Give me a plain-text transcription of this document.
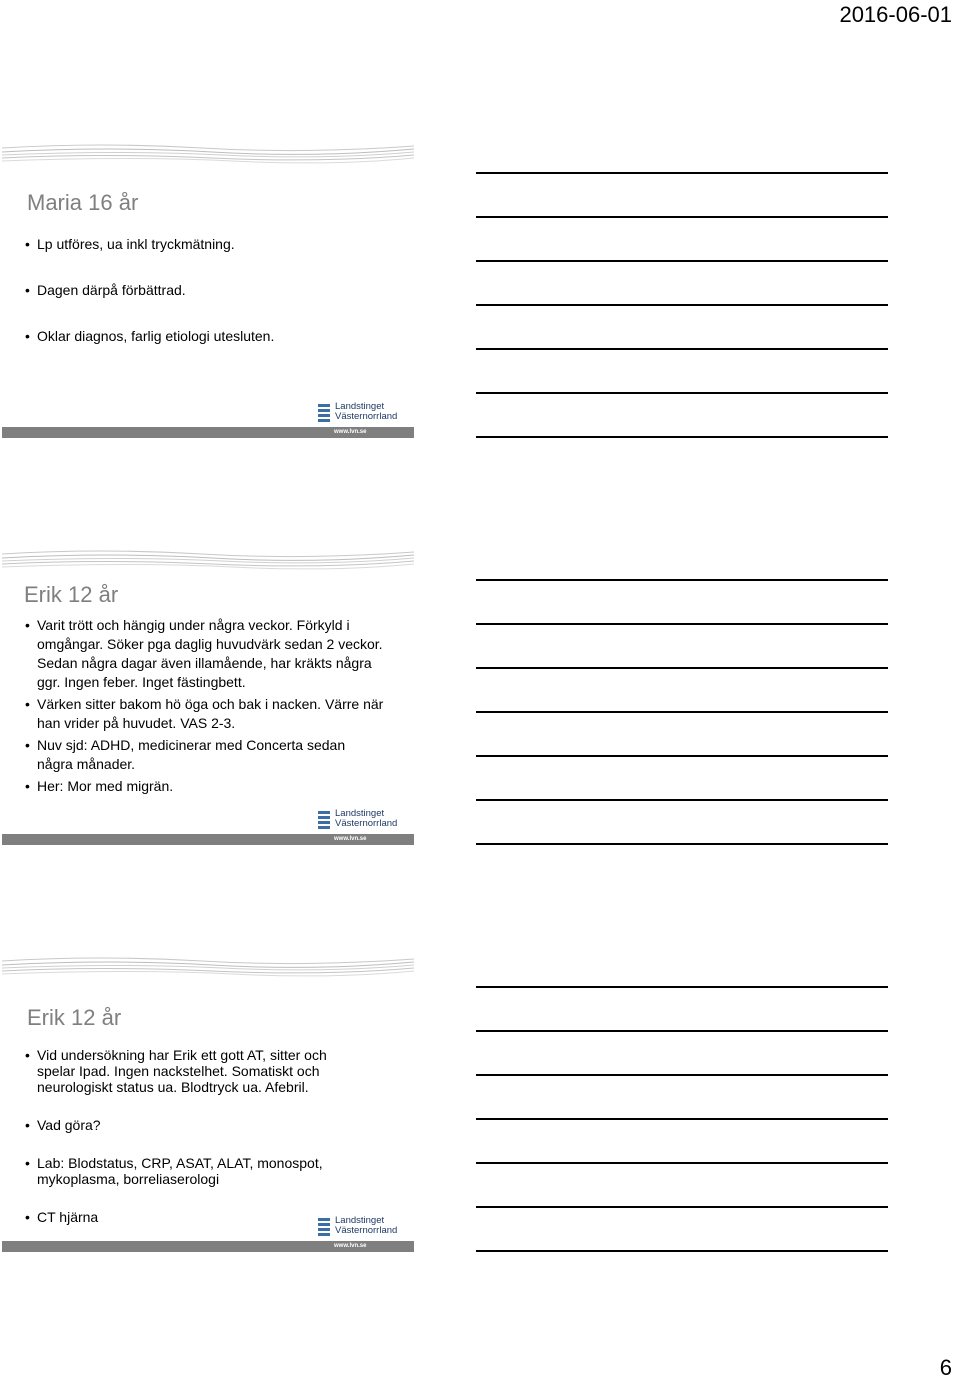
2016-06-01
Maria 16 år
• Lp utföres, ua inkl tryckmätning.
• Dagen därpå förbättrad.
• Oklar diagnos, farlig etiologi utesluten.
Landstinget
Västernorrland
www.lvn.se
Erik 12 år
• Varit trött och hängig under några veckor. Förkyld i omgångar. Söker pga daglig huvudvärk sedan 2 veckor. Sedan några dagar även illamående, har kräkts några ggr. Ingen feber. Inget fästingbett.
• Värken sitter bakom hö öga och bak i nacken. Värre när han vrider på huvudet. VAS 2-3.
• Nuv sjd: ADHD, medicinerar med Concerta sedan några månader.
• Her: Mor med migrän.
Landstinget
Västernorrland
www.lvn.se
Erik 12 år
• Vid undersökning har Erik ett gott AT, sitter och spelar Ipad. Ingen nackstelhet. Somatiskt och neurologiskt status ua. Blodtryck ua. Afebril.
• Vad göra?
• Lab: Blodstatus, CRP, ASAT, ALAT, monospot, mykoplasma, borreliaserologi
• CT hjärna	Landstinget
Västernorrland
www.lvn.se
6
